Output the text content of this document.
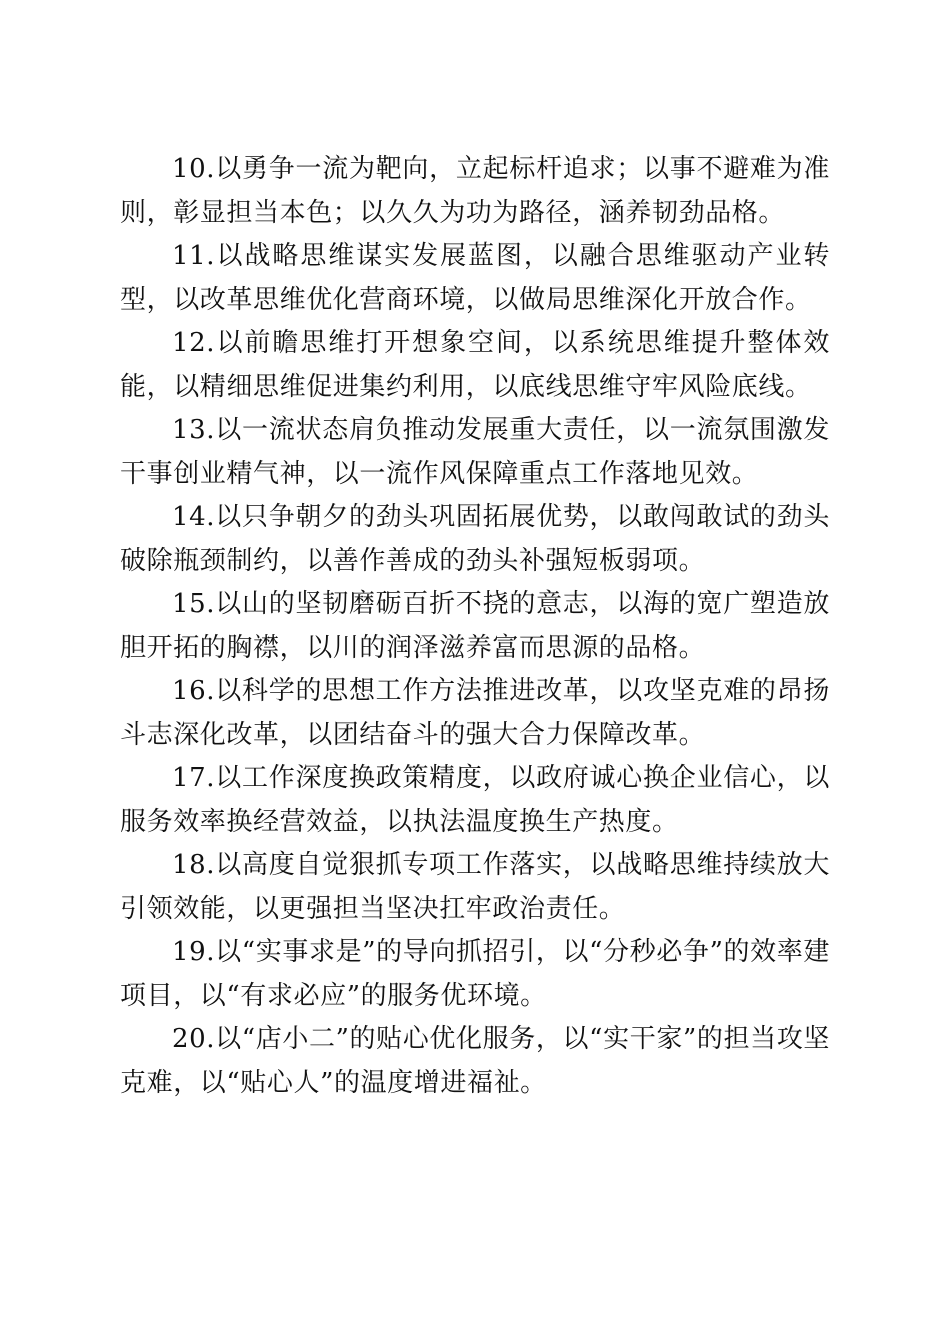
10.以勇争一流为靶向，立起标杆追求；以事不避难为准则，彰显担当本色；以久久为功为路径，涵养韧劲品格。

11.以战略思维谋实发展蓝图，以融合思维驱动产业转型，以改革思维优化营商环境，以做局思维深化开放合作。

12.以前瞻思维打开想象空间，以系统思维提升整体效能，以精细思维促进集约利用，以底线思维守牢风险底线。

13.以一流状态肩负推动发展重大责任，以一流氛围激发干事创业精气神，以一流作风保障重点工作落地见效。

14.以只争朝夕的劲头巩固拓展优势，以敢闯敢试的劲头破除瓶颈制约，以善作善成的劲头补强短板弱项。

15.以山的坚韧磨砺百折不挠的意志，以海的宽广塑造放胆开拓的胸襟，以川的润泽滋养富而思源的品格。

16.以科学的思想工作方法推进改革，以攻坚克难的昂扬斗志深化改革，以团结奋斗的强大合力保障改革。

17.以工作深度换政策精度，以政府诚心换企业信心，以服务效率换经营效益，以执法温度换生产热度。

18.以高度自觉狠抓专项工作落实，以战略思维持续放大引领效能，以更强担当坚决扛牢政治责任。

19.以“实事求是”的导向抓招引，以“分秒必争”的效率建项目，以“有求必应”的服务优环境。

20.以“店小二”的贴心优化服务，以“实干家”的担当攻坚克难，以“贴心人”的温度增进福祉。
